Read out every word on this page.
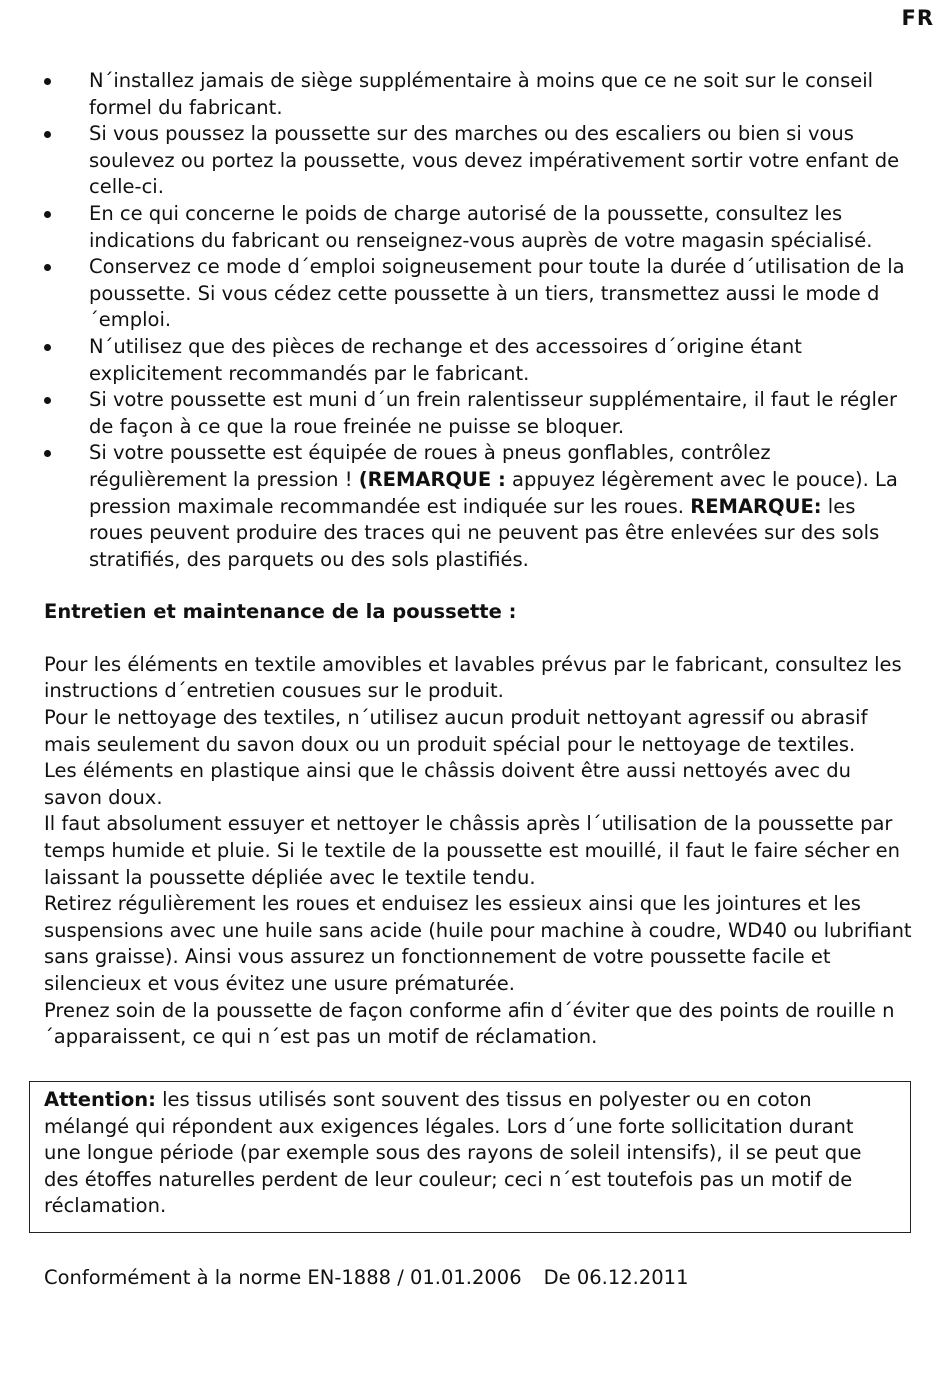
FR
N´installez jamais de siège supplémentaire à moins que ce ne soit sur le conseil formel du fabricant.
Si vous poussez la poussette sur des marches ou des escaliers ou bien si vous soulevez ou portez la poussette, vous devez impérativement sortir votre enfant de celle-ci.
En ce qui concerne le poids de charge autorisé de la poussette, consultez les indications du fabricant ou renseignez-vous auprès de votre magasin spécialisé.
Conservez ce mode d´emploi soigneusement pour toute la durée d´utilisation de la poussette. Si vous cédez cette poussette à un tiers, transmettez aussi le mode d´emploi.
N´utilisez que des pièces de rechange et des accessoires d´origine étant explicitement recommandés par le fabricant.
Si votre poussette est muni d´un frein ralentisseur supplémentaire, il faut le régler de façon à ce que la roue freinée ne puisse se bloquer.
Si votre poussette est équipée de roues à pneus gonflables, contrôlez régulièrement la pression ! (REMARQUE : appuyez légèrement avec le pouce). La pression maximale recommandée est indiquée sur les roues. REMARQUE: les roues peuvent produire des traces qui ne peuvent pas être enlevées sur des sols stratifiés, des parquets ou des sols plastifiés.
Entretien et maintenance de la poussette :

Pour les éléments en textile amovibles et lavables prévus par le fabricant, consultez les instructions d´entretien cousues sur le produit.

Pour le nettoyage des textiles, n´utilisez aucun produit nettoyant agressif ou abrasif mais seulement du savon doux ou un produit spécial pour le nettoyage de textiles.

Les éléments en plastique ainsi que le châssis doivent être aussi nettoyés avec du savon doux.

Il faut absolument essuyer et nettoyer le châssis après l´utilisation de la poussette par temps humide et pluie. Si le textile de la poussette est mouillé, il faut le faire sécher en laissant la poussette dépliée avec le textile tendu.

Retirez régulièrement les roues et enduisez les essieux ainsi que les jointures et les suspensions avec une huile sans acide (huile pour machine à coudre, WD40 ou lubrifiant sans graisse). Ainsi vous assurez un fonctionnement de votre poussette facile et silencieux et vous évitez une usure prématurée.

Prenez soin de la poussette de façon conforme afin d´éviter que des points de rouille n´apparaissent, ce qui n´est pas un motif de réclamation.

Attention: les tissus utilisés sont souvent des tissus en polyester ou en coton mélangé qui répondent aux exigences légales. Lors d´une forte sollicitation durant une longue période (par exemple sous des rayons de soleil intensifs), il se peut que des étoffes naturelles perdent de leur couleur; ceci n´est toutefois pas un motif de réclamation.

Conformément à la norme EN-1888 / 01.01.2006 De 06.12.2011
